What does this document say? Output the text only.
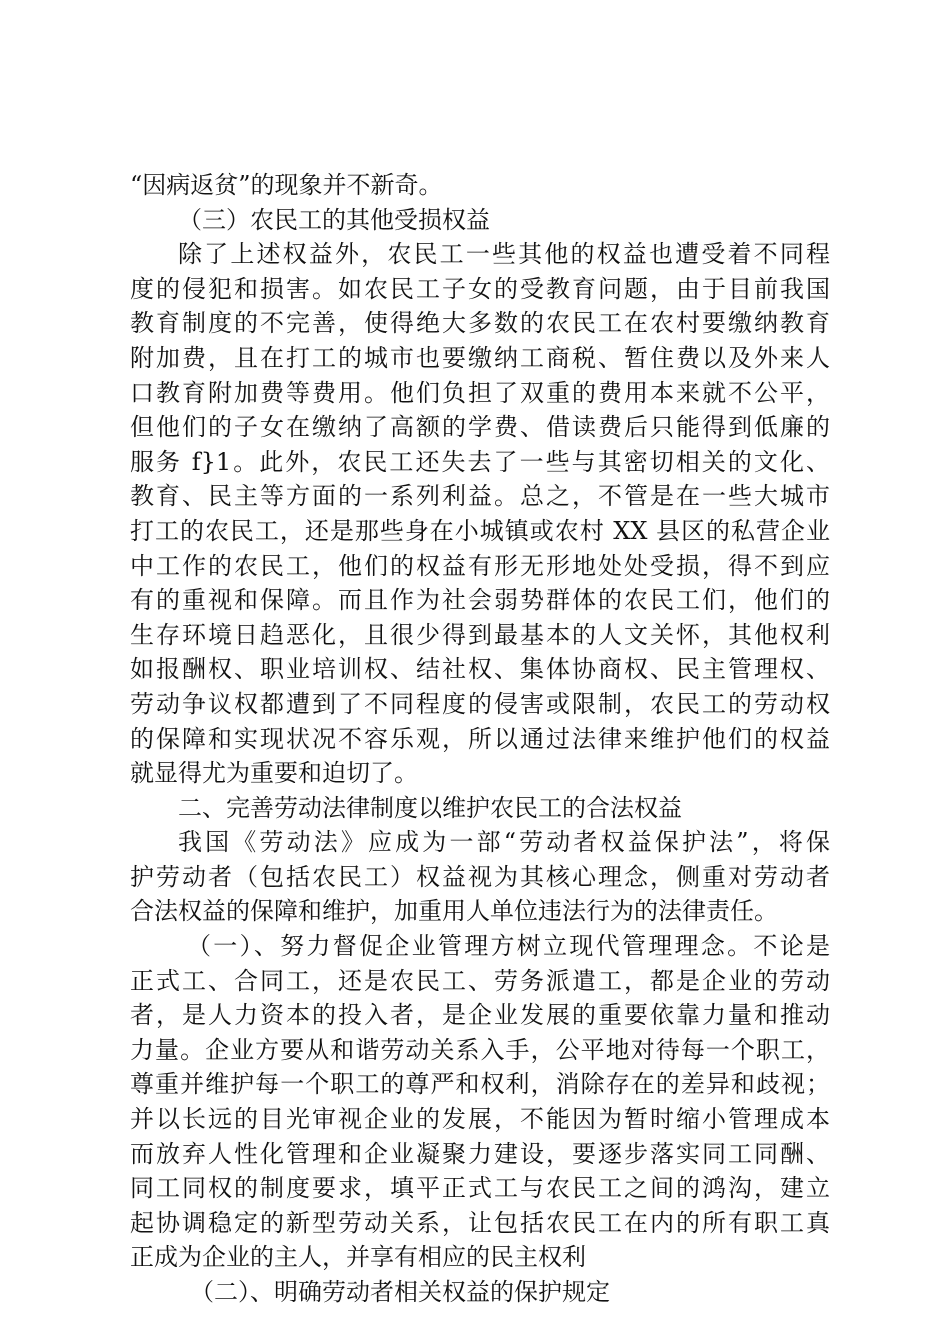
“因病返贫”的现象并不新奇。
（三）农民工的其他受损权益
除了上述权益外，农民工一些其他的权益也遭受着不同程
度的侵犯和损害。如农民工子女的受教育问题，由于目前我国
教育制度的不完善，使得绝大多数的农民工在农村要缴纳教育
附加费，且在打工的城市也要缴纳工商税、暂住费以及外来人
口教育附加费等费用。他们负担了双重的费用本来就不公平，
但他们的子女在缴纳了高额的学费、借读费后只能得到低廉的
服务 f}1。此外，农民工还失去了一些与其密切相关的文化、
教育、民主等方面的一系列利益。总之，不管是在一些大城市
打工的农民工，还是那些身在小城镇或农村 XX 县区的私营企业
中工作的农民工，他们的权益有形无形地处处受损，得不到应
有的重视和保障。而且作为社会弱势群体的农民工们，他们的
生存环境日趋恶化，且很少得到最基本的人文关怀，其他权利
如报酬权、职业培训权、结社权、集体协商权、民主管理权、
劳动争议权都遭到了不同程度的侵害或限制，农民工的劳动权
的保障和实现状况不容乐观，所以通过法律来维护他们的权益
就显得尤为重要和迫切了。
二、完善劳动法律制度以维护农民工的合法权益
我国《劳动法》应成为一部“劳动者权益保护法”，将保
护劳动者（包括农民工）权益视为其核心理念，侧重对劳动者
合法权益的保障和维护，加重用人单位违法行为的法律责任。
（一）、努力督促企业管理方树立现代管理理念。不论是
正式工、合同工，还是农民工、劳务派遣工，都是企业的劳动
者，是人力资本的投入者，是企业发展的重要依靠力量和推动
力量。企业方要从和谐劳动关系入手，公平地对待每一个职工，
尊重并维护每一个职工的尊严和权利，消除存在的差异和歧视；
并以长远的目光审视企业的发展，不能因为暂时缩小管理成本
而放弃人性化管理和企业凝聚力建设，要逐步落实同工同酬、
同工同权的制度要求，填平正式工与农民工之间的鸿沟，建立
起协调稳定的新型劳动关系，让包括农民工在内的所有职工真
正成为企业的主人，并享有相应的民主权利
（二）、明确劳动者相关权益的保护规定
